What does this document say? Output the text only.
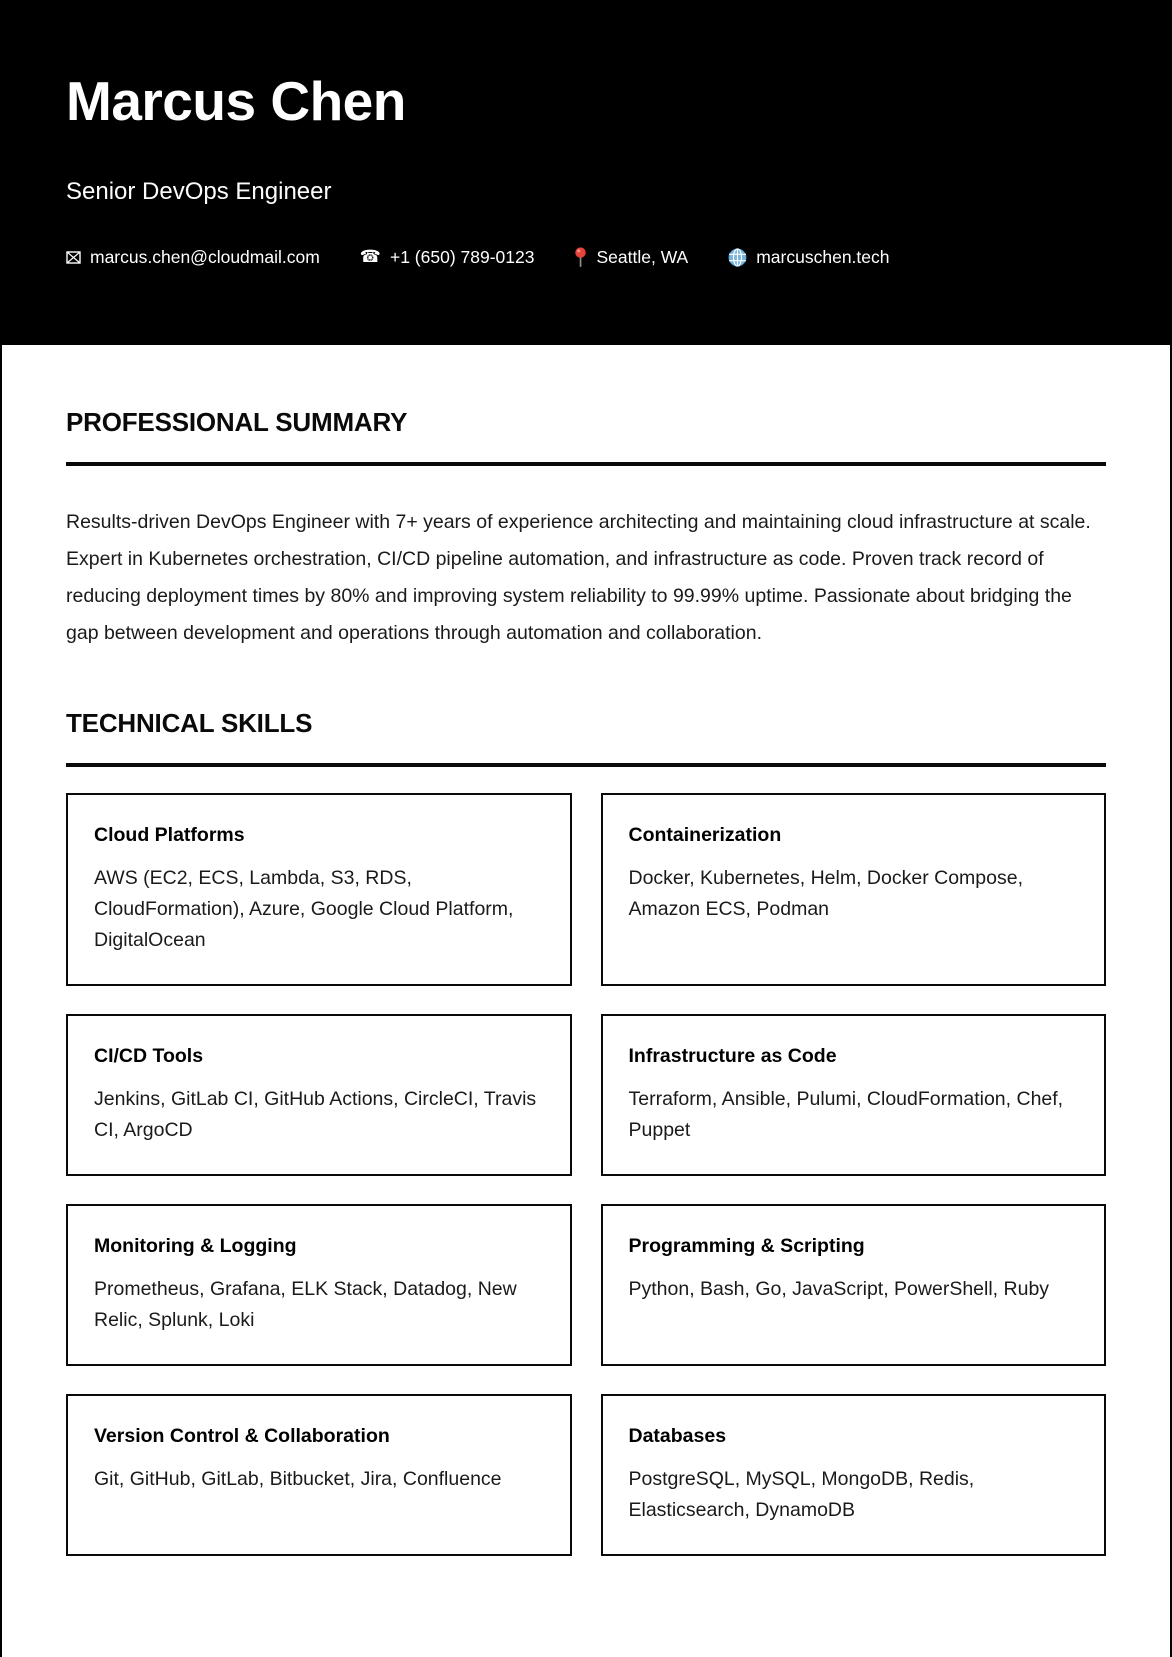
Marcus Chen
Senior DevOps Engineer
marcus.chen@cloudmail.com ☎ +1 (650) 789-0123	Seattle, WA	marcuschen.tech
PROFESSIONAL SUMMARY

Results-driven DevOps Engineer with 7+ years of experience architecting and maintaining cloud infrastructure at scale. Expert in Kubernetes orchestration, CI/CD pipeline automation, and infrastructure as code. Proven track record of reducing deployment times by 80% and improving system reliability to 99.99% uptime. Passionate about bridging the gap between development and operations through automation and collaboration.

TECHNICAL SKILLS
Cloud Platforms

AWS (EC2, ECS, Lambda, S3, RDS, CloudFormation), Azure, Google Cloud Platform, DigitalOcean

Containerization

Docker, Kubernetes, Helm, Docker Compose, Amazon ECS, Podman

CI/CD Tools

Jenkins, GitLab CI, GitHub Actions, CircleCI, Travis CI, ArgoCD

Infrastructure as Code

Terraform, Ansible, Pulumi, CloudFormation, Chef, Puppet

Monitoring & Logging

Prometheus, Grafana, ELK Stack, Datadog, New Relic, Splunk, Loki

Programming & Scripting

Python, Bash, Go, JavaScript, PowerShell, Ruby

Version Control & Collaboration

Git, GitHub, GitLab, Bitbucket, Jira, Confluence

Databases

PostgreSQL, MySQL, MongoDB, Redis, Elasticsearch, DynamoDB
